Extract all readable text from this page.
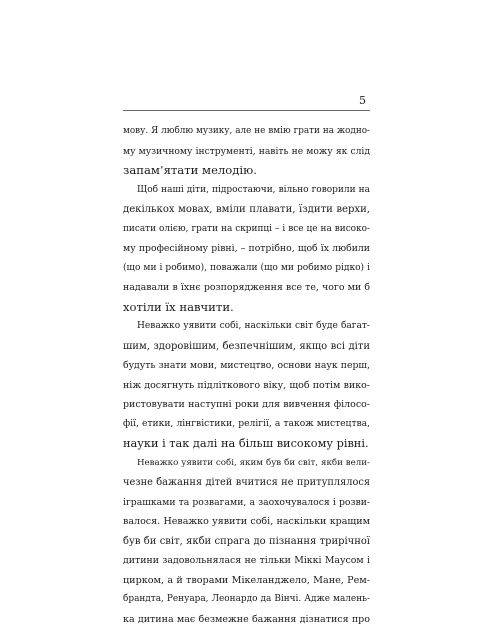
5
мову. Я люблю музику, але не вмію грати на жодно-
му музичному інструменті, навіть не можу як слід
запам’ятати мелодію.
Щоб наші діти, підростаючи, вільно говорили на
декількох мовах, вміли плавати, їздити верхи,
писати олією, грати на скрипці – і все це на високо-
му професійному рівні, – потрібно, щоб їх любили
(що ми і робимо), поважали (що ми робимо рідко) і
надавали в їхнє розпорядження все те, чого ми б
хотіли їх навчити.
Неважко уявити собі, наскільки світ буде багат-
шим, здоровішим, безпечнішим, якщо всі діти
будуть знати мови, мистецтво, основи наук перш,
ніж досягнуть підліткового віку, щоб потім вико-
ристовувати наступні роки для вивчення філосо-
фії, етики, лінгвістики, релігії, а також мистецтва,
науки і так далі на більш високому рівні.
Неважко уявити собі, яким був би світ, якби вели-
чезне бажання дітей вчитися не притуплялося
іграшками та розвагами, а заохочувалося і розви-
валося. Неважко уявити собі, наскільки кращим
був би світ, якби спрага до пізнання трирічної
дитини задовольнялася не тільки Міккі Маусом і
цирком, а й творами Мікеланджело, Мане, Рем-
брандта, Ренуара, Леонардо да Вінчі. Адже малень-
ка дитина має безмежне бажання дізнатися про
